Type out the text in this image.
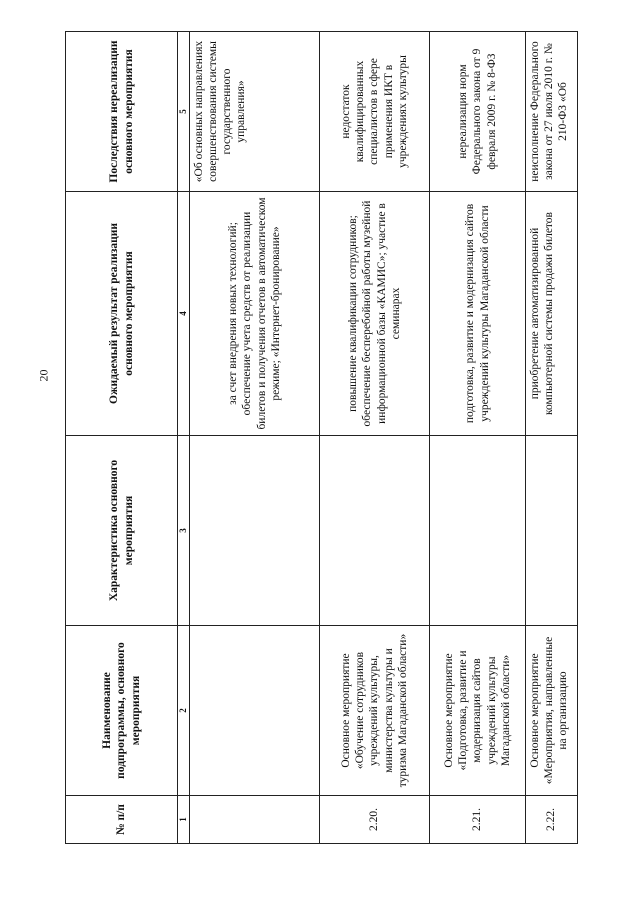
20
№ п/п	Наименование подпрограммы, основного мероприятия	Характеристика основного мероприятия	Ожидаемый результат реализации основного мероприятия	Последствия нереализации основного мероприятия
1	2	3	4	5
			за счет внедрения новых технологий; обеспечение учета средств от реализации билетов и получения отчетов в автоматическом режиме; «Интернет-бронирование»	«Об основных направлениях совершенствования системы государственного управления»
2.20.	Основное мероприятие «Обучение сотрудников учреждений культуры, министерства культуры и туризма Магаданской области»		повышение квалификации сотрудников; обеспечение бесперебойной работы музейной информационной базы «КАМИС»; участие в семинарах	недостаток квалифицированных специалистов в сфере применения ИКТ в учреждениях культуры
2.21.	Основное мероприятие «Подготовка, развитие и модернизация сайтов учреждений культуры Магаданской области»		подготовка, развитие и модернизация сайтов учреждений культуры Магаданской области	нереализация норм Федерального закона от 9 февраля 2009 г. № 8-ФЗ
2.22.	Основное мероприятие «Мероприятия, направленные на организацию		приобретение автоматизированной компьютерной системы продажи билетов	неисполнение Федерального закона от 27 июля 2010 г. № 210-ФЗ «Об
